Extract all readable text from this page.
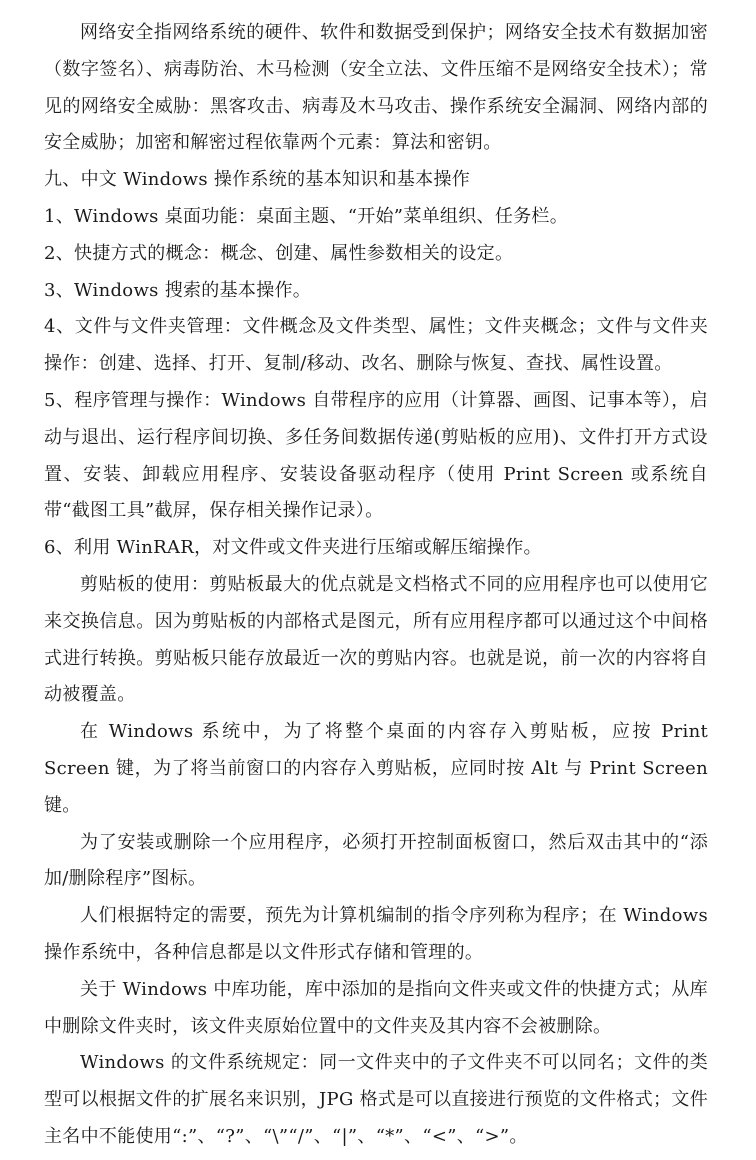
网络安全指网络系统的硬件、软件和数据受到保护；网络安全技术有数据加密（数字签名）、病毒防治、木马检测（安全立法、文件压缩不是网络安全技术）；常见的网络安全威胁：黑客攻击、病毒及木马攻击、操作系统安全漏洞、网络内部的安全威胁；加密和解密过程依靠两个元素：算法和密钥。

九、中文 Windows 操作系统的基本知识和基本操作

1、Windows 桌面功能：桌面主题、“开始”菜单组织、任务栏。

2、快捷方式的概念：概念、创建、属性参数相关的设定。

3、Windows 搜索的基本操作。

4、文件与文件夹管理：文件概念及文件类型、属性；文件夹概念；文件与文件夹操作：创建、选择、打开、复制/移动、改名、删除与恢复、查找、属性设置。

5、程序管理与操作：Windows 自带程序的应用（计算器、画图、记事本等），启动与退出、运行程序间切换、多任务间数据传递(剪贴板的应用)、文件打开方式设置、安装、卸载应用程序、安装设备驱动程序（使用 Print Screen 或系统自带“截图工具”截屏，保存相关操作记录）。

6、利用 WinRAR，对文件或文件夹进行压缩或解压缩操作。

剪贴板的使用：剪贴板最大的优点就是文档格式不同的应用程序也可以使用它来交换信息。因为剪贴板的内部格式是图元，所有应用程序都可以通过这个中间格式进行转换。剪贴板只能存放最近一次的剪贴内容。也就是说，前一次的内容将自动被覆盖。

在 Windows 系统中，为了将整个桌面的内容存入剪贴板，应按 Print Screen 键，为了将当前窗口的内容存入剪贴板，应同时按 Alt 与 Print Screen 键。

为了安装或删除一个应用程序，必须打开控制面板窗口，然后双击其中的“添加/删除程序”图标。

人们根据特定的需要，预先为计算机编制的指令序列称为程序；在 Windows 操作系统中，各种信息都是以文件形式存储和管理的。

关于 Windows 中库功能，库中添加的是指向文件夹或文件的快捷方式；从库中删除文件夹时，该文件夹原始位置中的文件夹及其内容不会被删除。

Windows 的文件系统规定：同一文件夹中的子文件夹不可以同名；文件的类型可以根据文件的扩展名来识别，JPG 格式是可以直接进行预览的文件格式；文件主名中不能使用“:”、“?”、“\”“/”、“|”、“*”、“<”、“>”。
